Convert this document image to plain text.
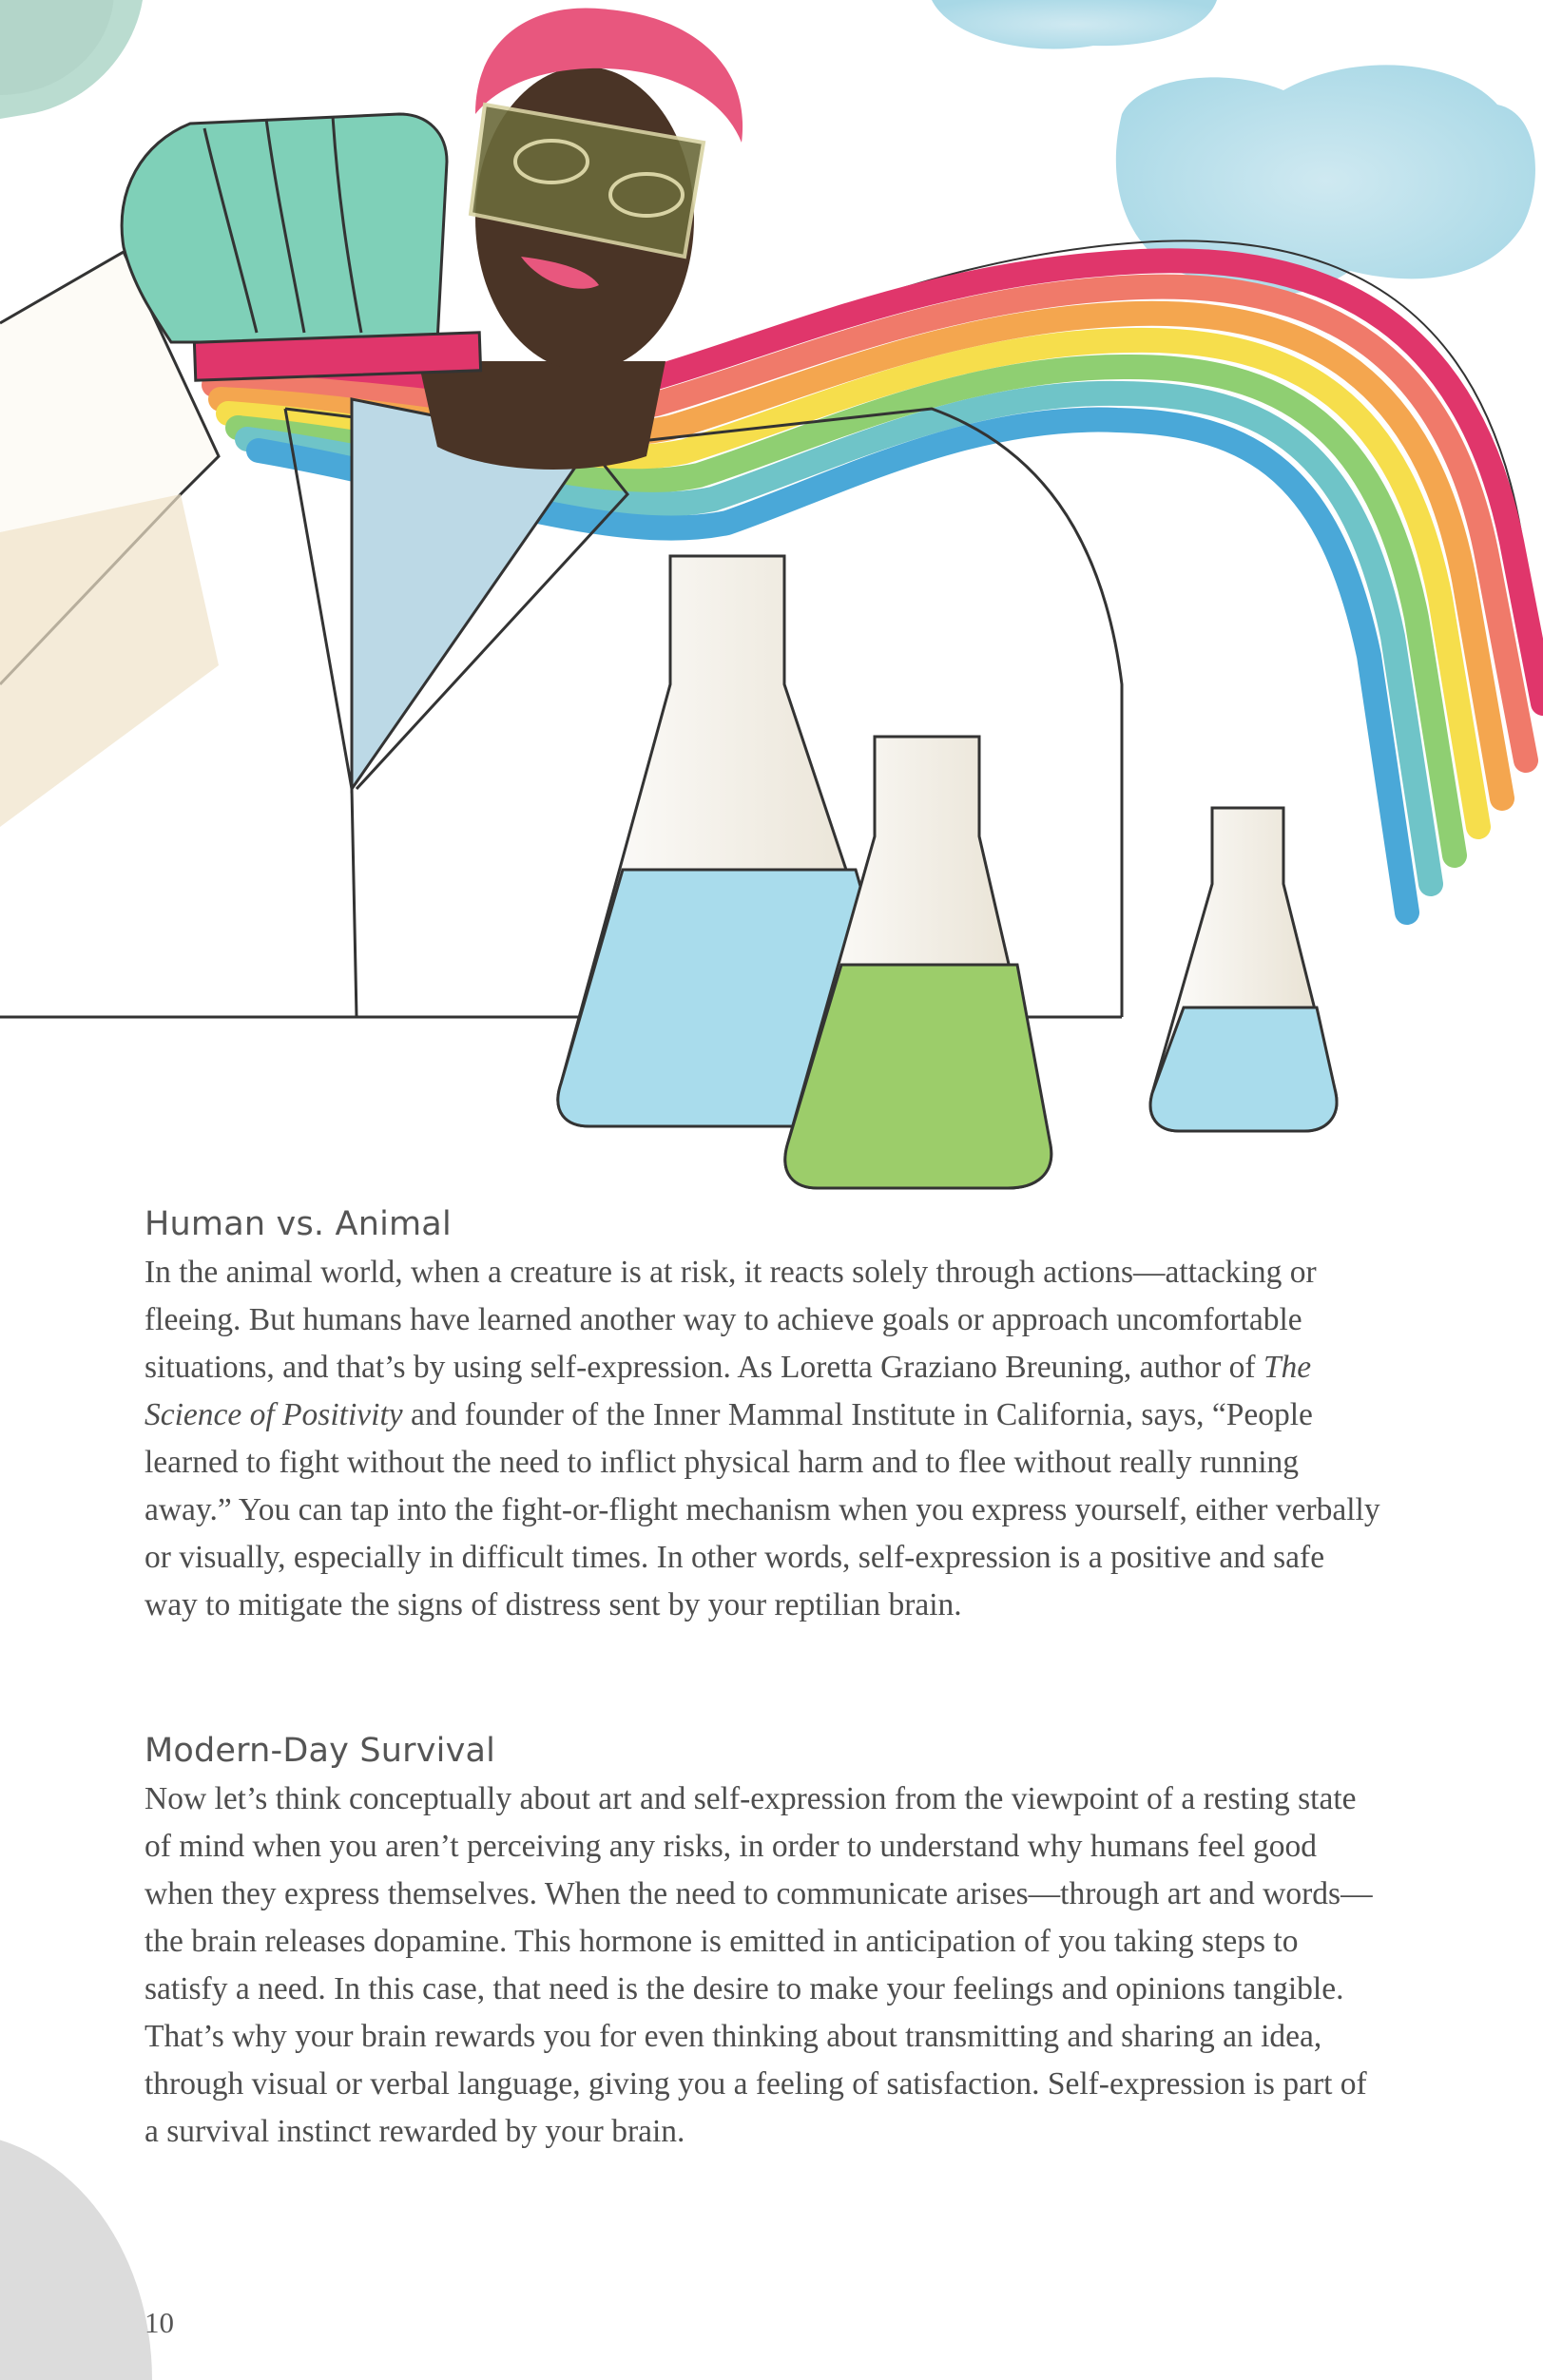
Human vs. Animal

In the animal world, when a creature is at risk, it reacts solely through actions—attacking or fleeing. But humans have learned another way to achieve goals or approach uncomfortable situations, and that’s by using self-expression. As Loretta Graziano Breuning, author of The Science of Positivity and founder of the Inner Mammal Institute in California, says, “People learned to fight without the need to inflict physical harm and to flee without really running away.” You can tap into the fight-or-flight mechanism when you express yourself, either verbally or visually, especially in difficult times. In other words, self-expression is a positive and safe way to mitigate the signs of distress sent by your reptilian brain.

Modern-Day Survival

Now let’s think conceptually about art and self-expression from the viewpoint of a resting state of mind when you aren’t perceiving any risks, in order to understand why humans feel good when they express themselves. When the need to communicate arises—through art and words—the brain releases dopamine. This hormone is emitted in anticipation of you taking steps to satisfy a need. In this case, that need is the desire to make your feelings and opinions tangible. That’s why your brain rewards you for even thinking about transmitting and sharing an idea, through visual or verbal language, giving you a feeling of satisfaction. Self-expression is part of a survival instinct rewarded by your brain.

10
